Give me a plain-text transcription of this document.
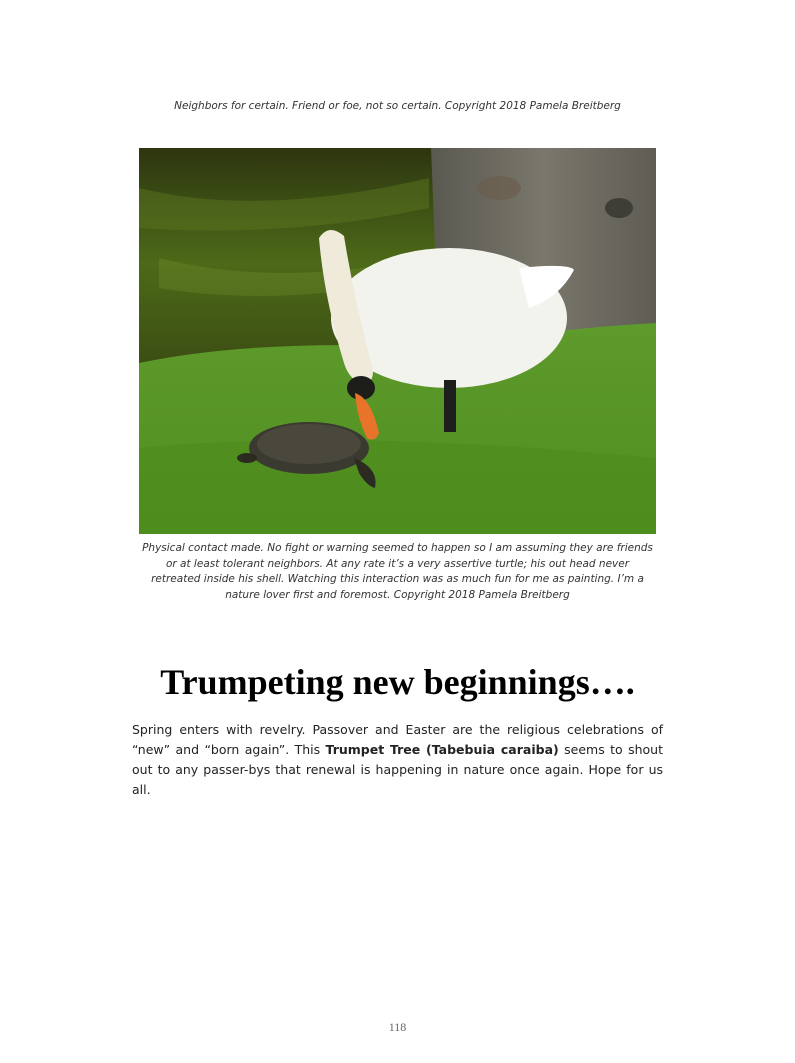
Neighbors for certain. Friend or foe, not so certain. Copyright 2018 Pamela Breitberg
Physical contact made. No fight or warning seemed to happen so I am assuming they are friends or at least tolerant neighbors. At any rate it’s a very assertive turtle; his out head never retreated inside his shell. Watching this interaction was as much fun for me as painting. I’m a nature lover first and foremost. Copyright 2018 Pamela Breitberg
Trumpeting new beginnings….

Spring enters with revelry. Passover and Easter are the religious celebrations of “new” and “born again”. This Trumpet Tree (Tabebuia caraiba) seems to shout out to any passer-bys that renewal is happening in nature once again. Hope for us all.

118
